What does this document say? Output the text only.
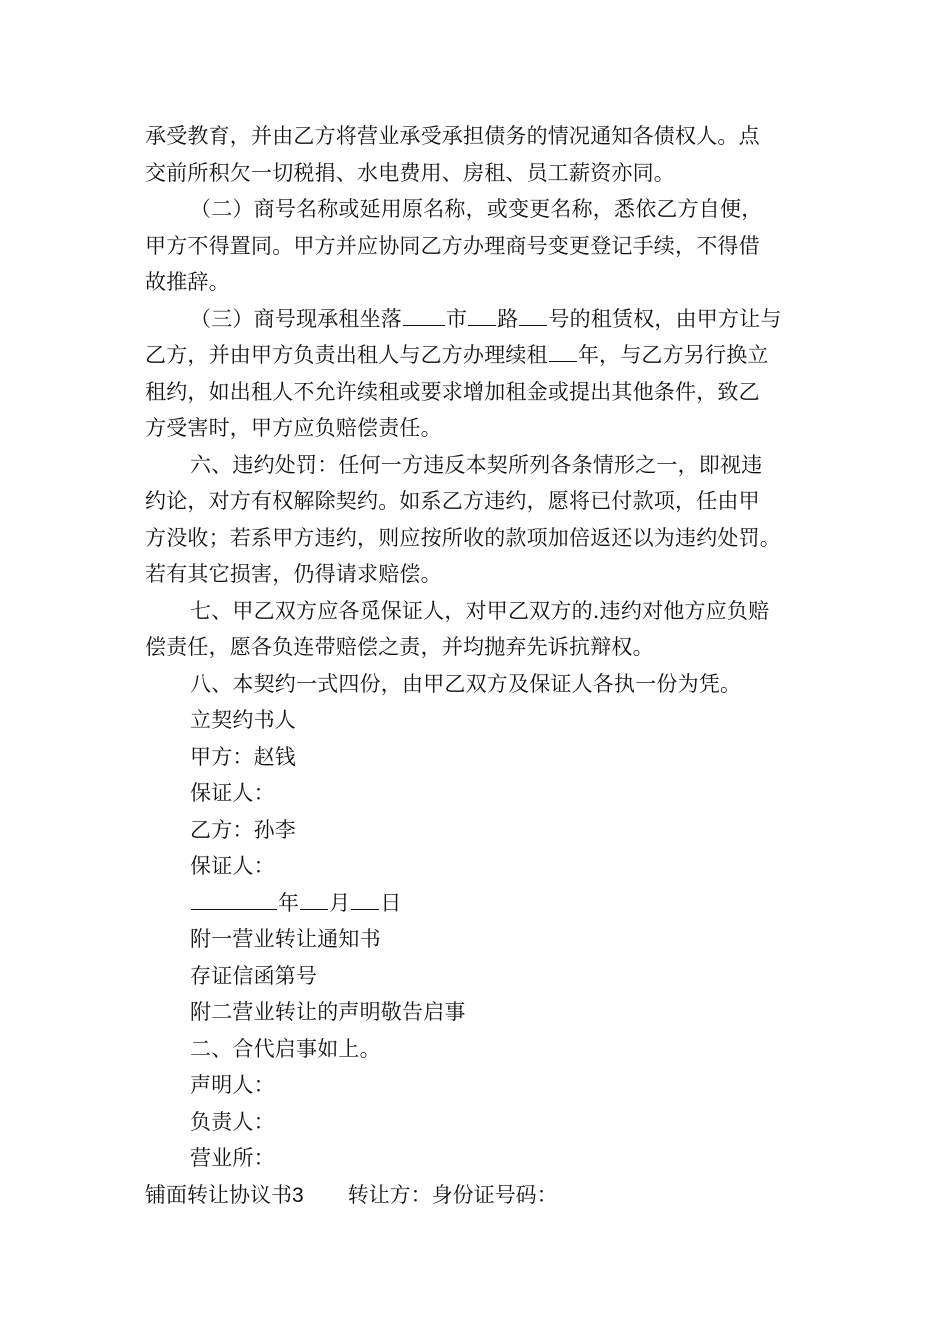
承受教育，并由乙方将营业承受承担债务的情况通知各债权人。点
交前所积欠一切税捐、水电费用、房租、员工薪资亦同。
（二）商号名称或延用原名称，或变更名称，悉依乙方自便，
甲方不得置同。甲方并应协同乙方办理商号变更登记手续，不得借
故推辞。
（三）商号现承租坐落 市 路 号的租赁权，由甲方让与
乙方，并由甲方负责出租人与乙方办理续租 年，与乙方另行换立
租约，如出租人不允许续租或要求增加租金或提出其他条件，致乙
方受害时，甲方应负赔偿责任。
六、违约处罚：任何一方违反本契所列各条情形之一，即视违
约论，对方有权解除契约。如系乙方违约，愿将已付款项，任由甲
方没收；若系甲方违约，则应按所收的款项加倍返还以为违约处罚。
若有其它损害，仍得请求赔偿。
七、甲乙双方应各觅保证人，对甲乙双方的.违约对他方应负赔
偿责任，愿各负连带赔偿之责，并均抛弃先诉抗辩权。
八、本契约一式四份，由甲乙双方及保证人各执一份为凭。
立契约书人
甲方：赵钱
保证人：
乙方：孙李
保证人：
年 月 日
附一营业转让通知书
存证信函第号
附二营业转让的声明敬告启事
二、合代启事如上。
声明人：
负责人：
营业所：
铺面转让协议书3 转让方：身份证号码：
